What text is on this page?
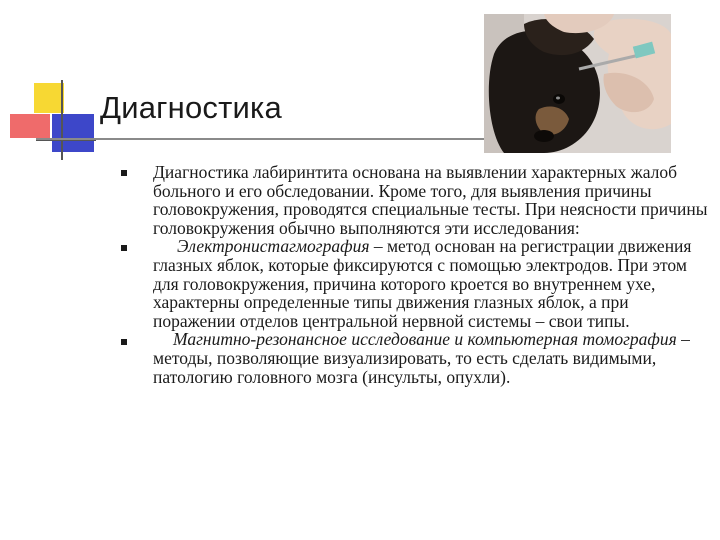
Диагностика
Диагностика лабиринтита основана на выявлении характерных жалоб больного и его обследовании. Кроме того, для выявления причины головокружения, проводятся специальные тесты. При неясности причины головокружения обычно выполняются эти исследования:
Электронистагмография – метод основан на регистрации движения глазных яблок, которые фиксируются с помощью электродов. При этом для головокружения, причина которого кроется во внутреннем ухе, характерны определенные типы движения глазных яблок, а при поражении отделов центральной нервной системы – свои типы.
Магнитно-резонансное исследование и компьютерная томография – методы, позволяющие визуализировать, то есть сделать видимыми, патологию головного мозга (инсульты, опухли).
